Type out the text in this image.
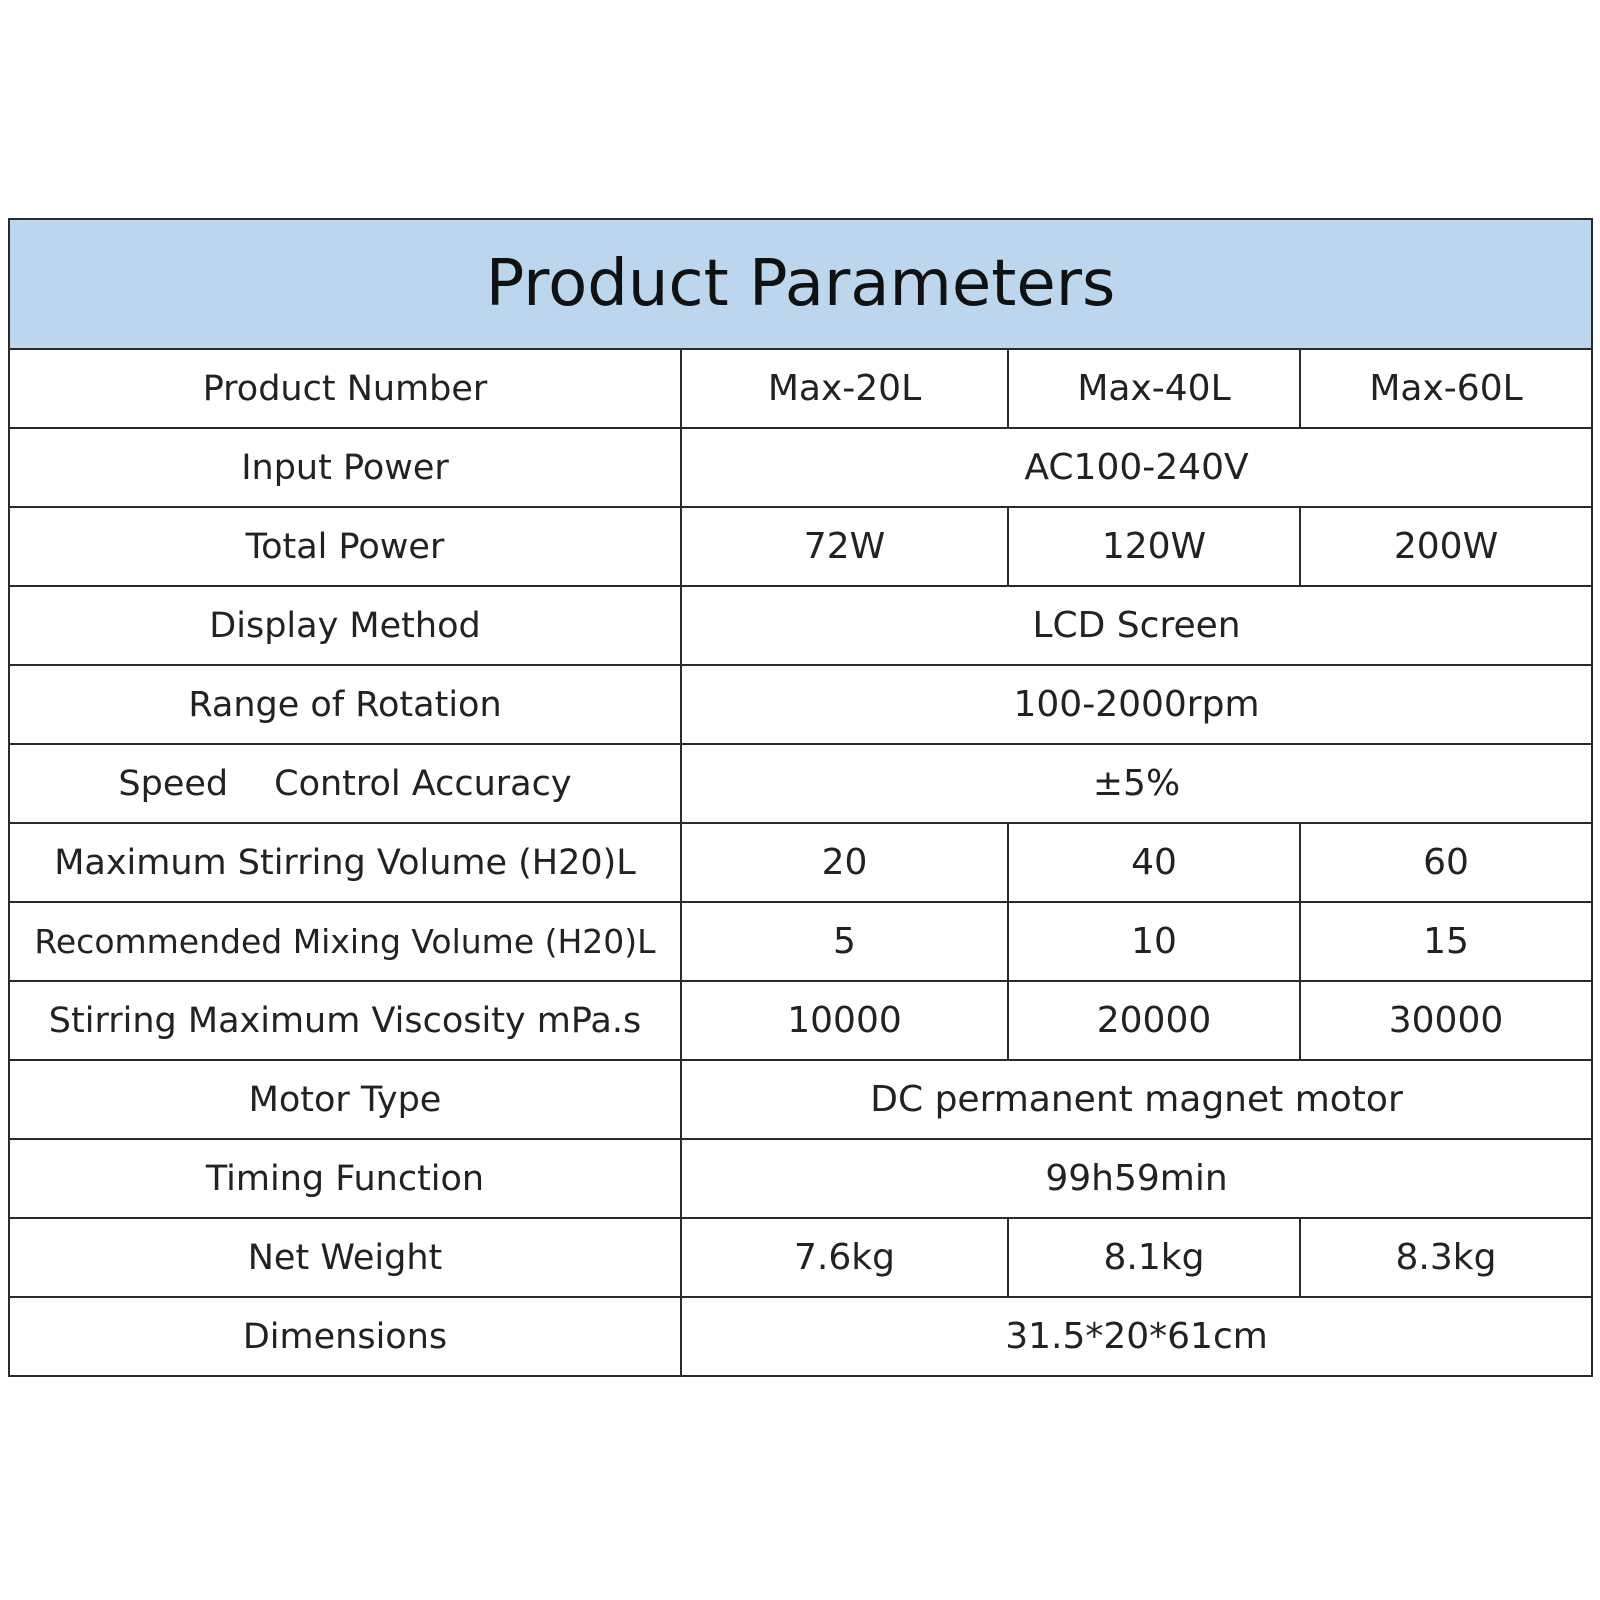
Product Parameters			
Product Number	Max-20L	Max-40L	Max-60L
Input Power	AC100-240V		
Total Power	72W	120W	200W
Display Method	LCD Screen		
Range of Rotation	100-2000rpm		
Speed Control Accuracy	±5%		
Maximum Stirring Volume (H20)L	20	40	60
Recommended Mixing Volume (H20)L	5	10	15
Stirring Maximum Viscosity mPa.s	10000	20000	30000
Motor Type	DC permanent magnet motor		
Timing Function	99h59min		
Net Weight	7.6kg	8.1kg	8.3kg
Dimensions	31.5*20*61cm		
